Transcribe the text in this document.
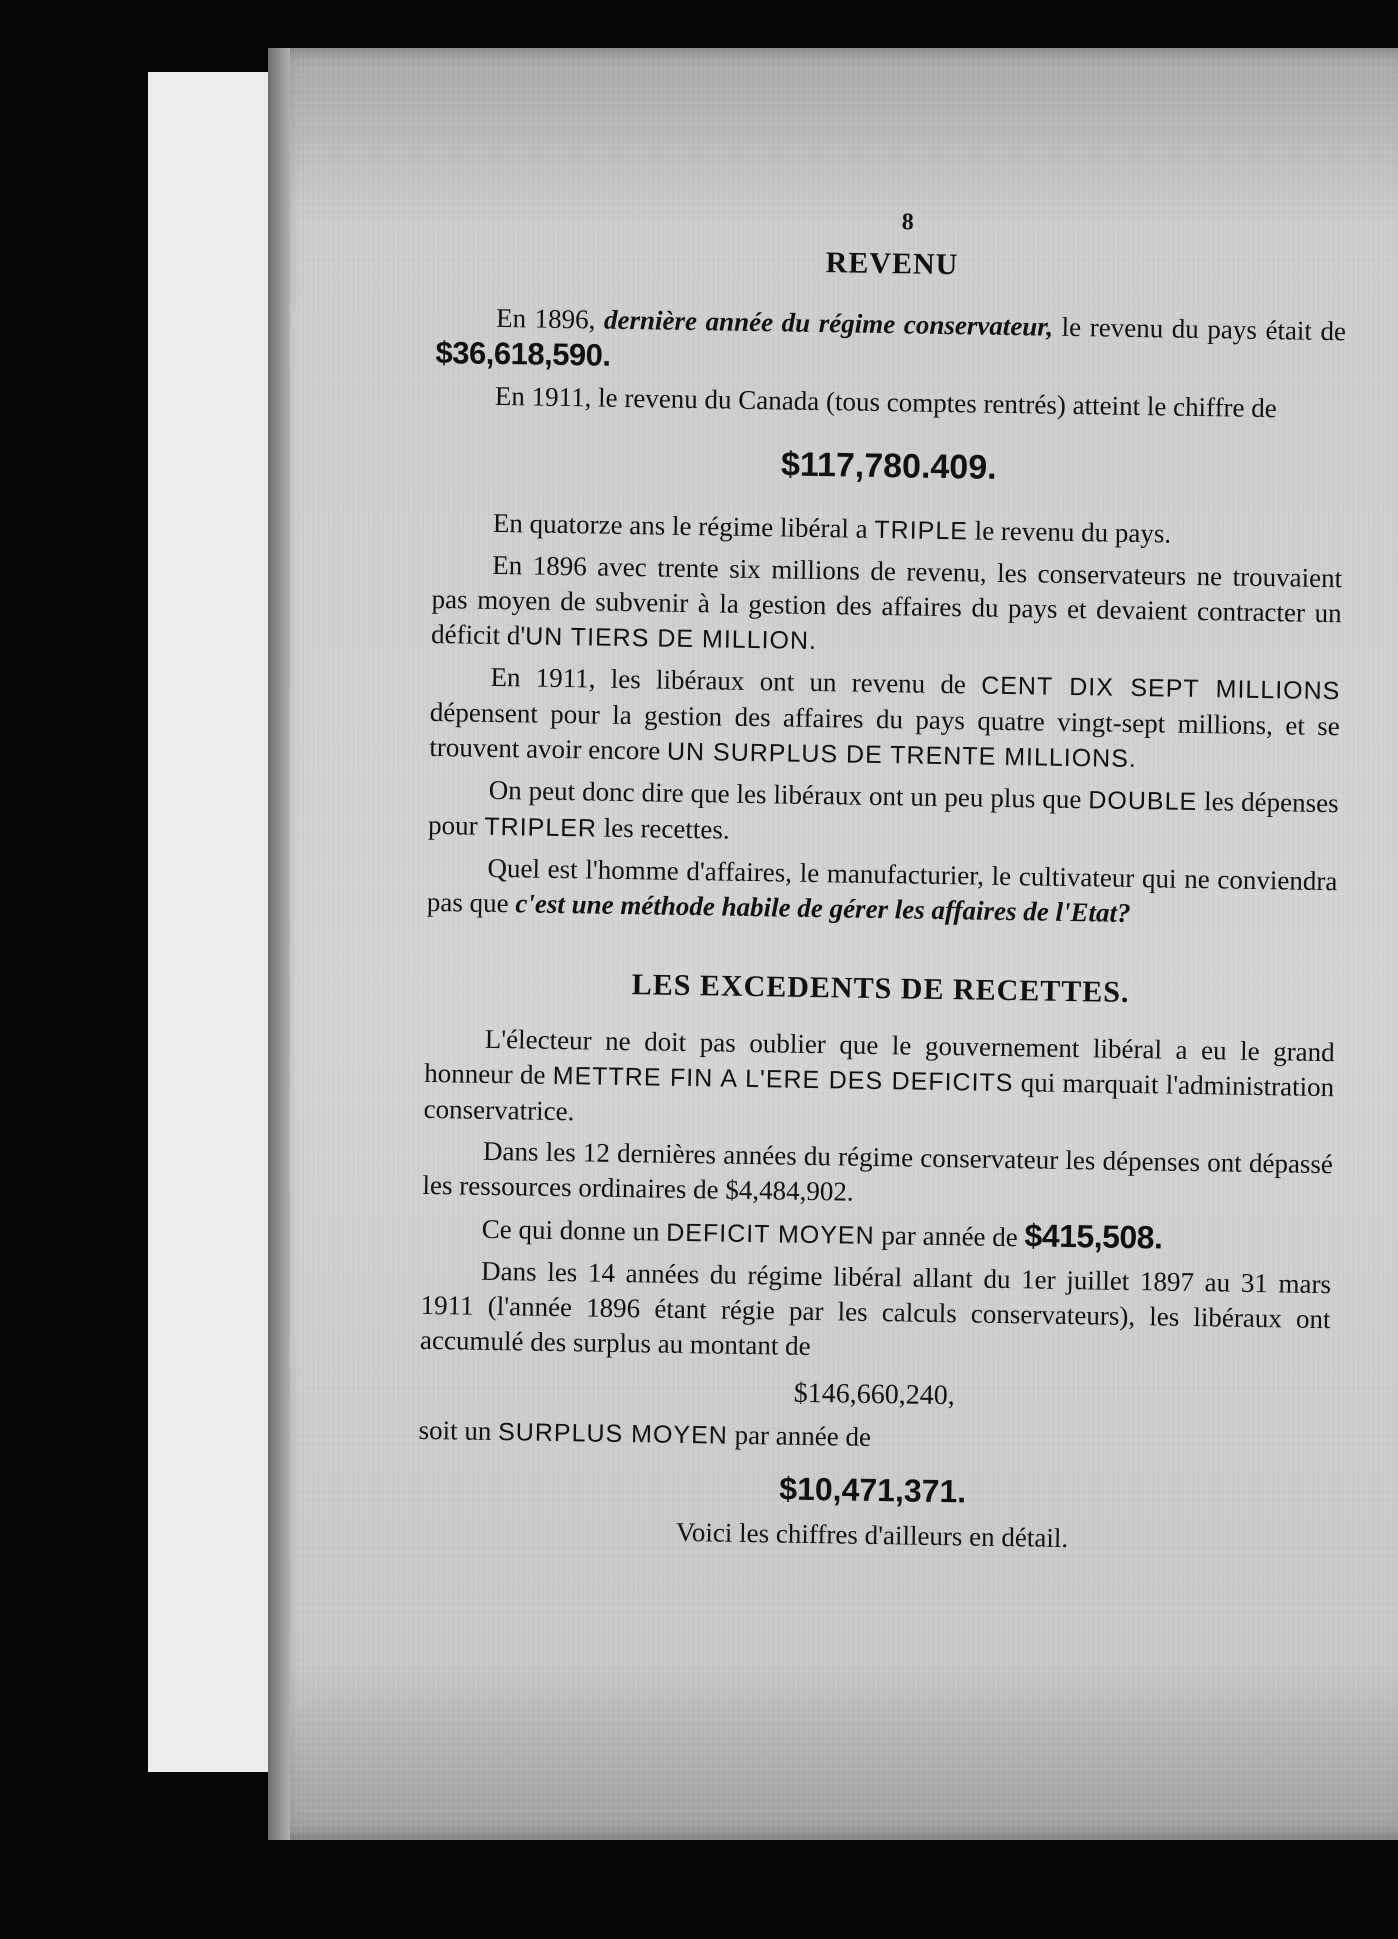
8
REVENU

En 1896, dernière année du régime conservateur, le revenu du pays était de $36,618,590.

En 1911, le revenu du Canada (tous comptes rentrés) atteint le chiffre de

$117,780.409.

En quatorze ans le régime libéral a TRIPLE le revenu du pays.

En 1896 avec trente six millions de revenu, les conservateurs ne trouvaient pas moyen de subvenir à la gestion des affaires du pays et devaient contracter un déficit d'UN TIERS DE MILLION.

En 1911, les libéraux ont un revenu de CENT DIX SEPT MILLIONS dépensent pour la gestion des affaires du pays quatre vingt-sept millions, et se trouvent avoir encore UN SURPLUS DE TRENTE MILLIONS.

On peut donc dire que les libéraux ont un peu plus que DOUBLE les dépenses pour TRIPLER les recettes.

Quel est l'homme d'affaires, le manufacturier, le cultivateur qui ne conviendra pas que c'est une méthode habile de gérer les affaires de l'Etat?

LES EXCEDENTS DE RECETTES.

L'électeur ne doit pas oublier que le gouvernement libéral a eu le grand honneur de METTRE FIN A L'ERE DES DEFICITS qui marquait l'administration conservatrice.

Dans les 12 dernières années du régime conservateur les dépenses ont dépassé les ressources ordinaires de $4,484,902.

Ce qui donne un DEFICIT MOYEN par année de $415,508.

Dans les 14 années du régime libéral allant du 1er juillet 1897 au 31 mars 1911 (l'année 1896 étant régie par les calculs conservateurs), les libéraux ont accumulé des surplus au montant de

$146,660,240,

soit un SURPLUS MOYEN par année de

$10,471,371.

Voici les chiffres d'ailleurs en détail.
